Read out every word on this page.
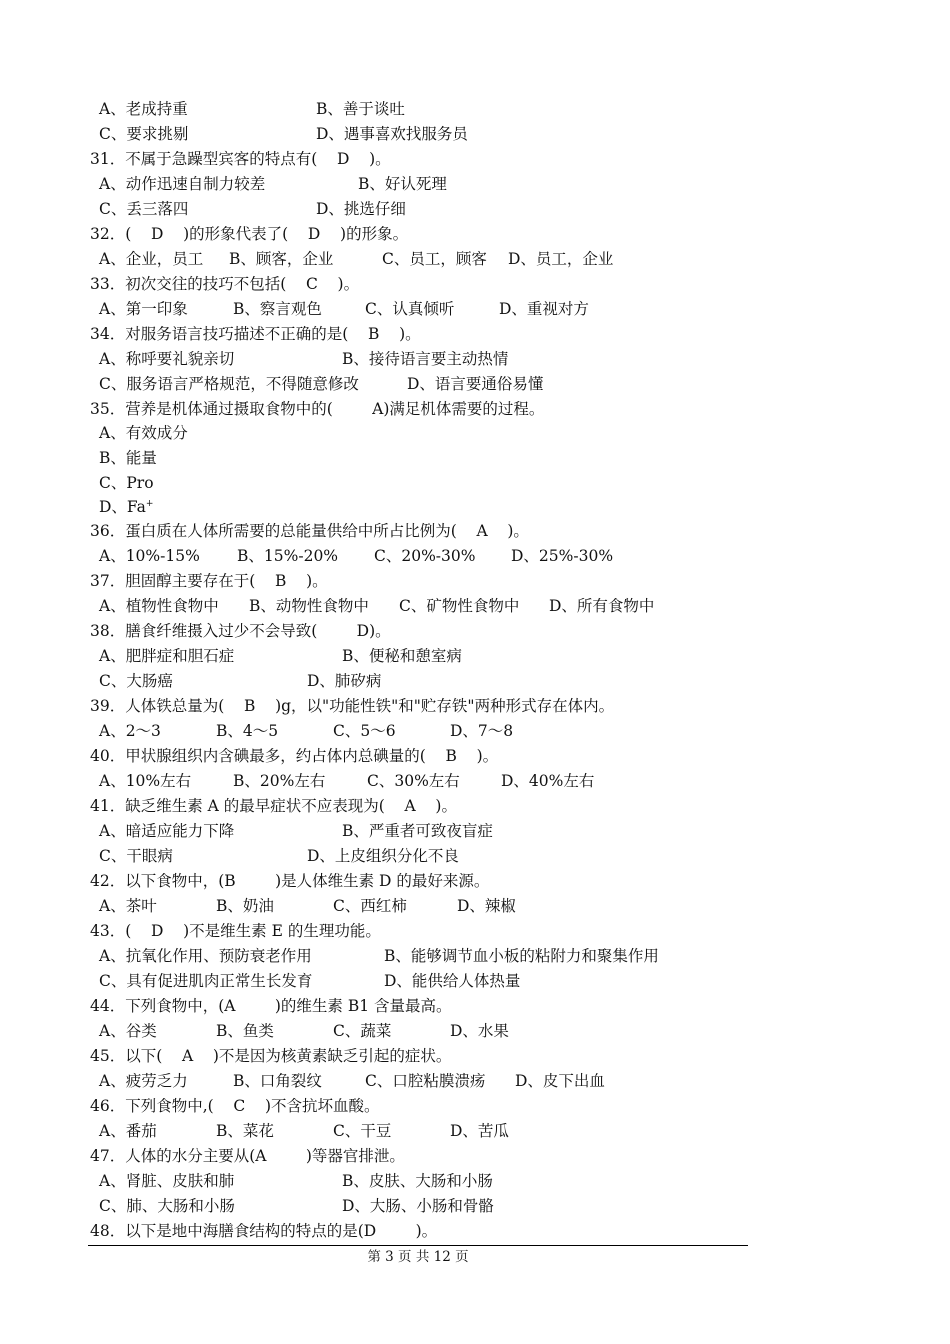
A、老成持重	B、善于谈吐
C、要求挑剔	D、遇事喜欢找服务员
31．不属于急躁型宾客的特点有(    D    )。
A、动作迅速自制力较差	B、好认死理
C、丢三落四	D、挑选仔细
32．(    D    )的形象代表了(    D    )的形象。
A、企业，员工 B、顾客，企业	C、员工，顾客 D、员工，企业
33．初次交往的技巧不包括(    C    )。
A、第一印象	B、察言观色	C、认真倾听	D、重视对方
34．对服务语言技巧描述不正确的是(    B    )。
A、称呼要礼貌亲切	B、接待语言要主动热情
C、服务语言严格规范，不得随意修改	D、语言要通俗易懂
35．营养是机体通过摄取食物中的(        A)满足机体需要的过程。
A、有效成分
B、能量
C、Pro
D、Fa+
36．蛋白质在人体所需要的总能量供给中所占比例为(    A    )。
A、10%-15% B、15%-20% C、20%-30% D、25%-30%
37．胆固醇主要存在于(    B    )。
A、植物性食物中 B、动物性食物中 C、矿物性食物中 D、所有食物中
38．膳食纤维摄入过少不会导致(        D)。
A、肥胖症和胆石症	B、便秘和憩室病
C、大肠癌	D、肺矽病
39．人体铁总量为(    B    )g，以"功能性铁"和"贮存铁"两种形式存在体内。
A、2～3	B、4～5	C、5～6	D、7～8
40．甲状腺组织内含碘最多，约占体内总碘量的(    B    )。
A、10%左右	B、20%左右	C、30%左右	D、40%左右
41．缺乏维生素 A 的最早症状不应表现为(    A    )。
A、暗适应能力下降	B、严重者可致夜盲症
C、干眼病	D、上皮组织分化不良
42．以下食物中，(B        )是人体维生素 D 的最好来源。
A、茶叶	B、奶油	C、西红柿	D、辣椒
43．(    D    )不是维生素 E 的生理功能。
A、抗氧化作用、预防衰老作用	B、能够调节血小板的粘附力和聚集作用
C、具有促进肌肉正常生长发育	D、能供给人体热量
44．下列食物中，(A        )的维生素 B1 含量最高。
A、谷类	B、鱼类	C、蔬菜	D、水果
45．以下(    A    )不是因为核黄素缺乏引起的症状。
A、疲劳乏力	B、口角裂纹	C、口腔粘膜溃疡 D、皮下出血
46．下列食物中,(    C    )不含抗坏血酸。
A、番茄	B、菜花	C、干豆	D、苦瓜
47．人体的水分主要从(A        )等器官排泄。
A、肾脏、皮肤和肺	B、皮肤、大肠和小肠
C、肺、大肠和小肠	D、大肠、小肠和骨骼
48．以下是地中海膳食结构的特点的是(D        )。
第 3 页 共 12 页
